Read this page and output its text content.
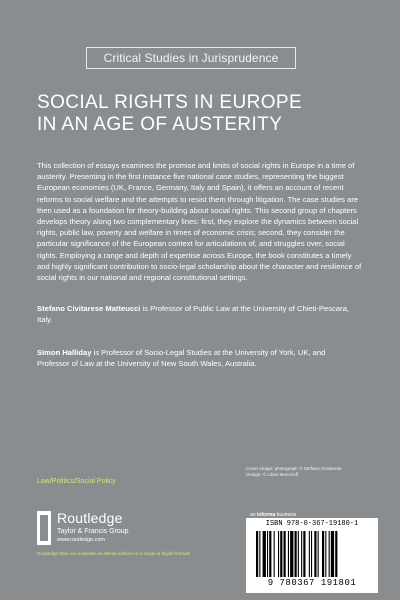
Critical Studies in Jurisprudence
SOCIAL RIGHTS IN EUROPE
IN AN AGE OF AUSTERITY

This collection of essays examines the promise and limits of social rights in Europe in a time of austerity. Presenting in the first instance five national case studies, representing the biggest European economies (UK, France, Germany, Italy and Spain), it offers an account of recent reforms to social welfare and the attempts to resist them through litigation. The case studies are then used as a foundation for theory-building about social rights. This second group of chapters develops theory along two complementary lines: first, they explore the dynamics between social rights, public law, poverty and welfare in times of economic crisis; second, they consider the particular significance of the European context for articulations of, and struggles over, social rights. Employing a range and depth of expertise across Europe, the book constitutes a timely and highly significant contribution to socio-legal scholarship about the character and resilience of social rights in our national and regional constitutional settings.

Stefano Civitarese Matteucci is Professor of Public Law at the University of Chieti-Pescara, Italy.

Simon Halliday is Professor of Socio-Legal Studies at the University of York, UK, and Professor of Law at the University of New South Wales, Australia.

Cover image: photograph © Stefano Civitarese
Design: © Lilian Moncrieff
Law/Politics/Social Policy
Routledge
Taylor & Francis Group
www.routledge.com
Routledge titles are available as eBook editions in a range of digital formats
an informa business
ISBN 978-0-367-19180-1
9 780367 191801
